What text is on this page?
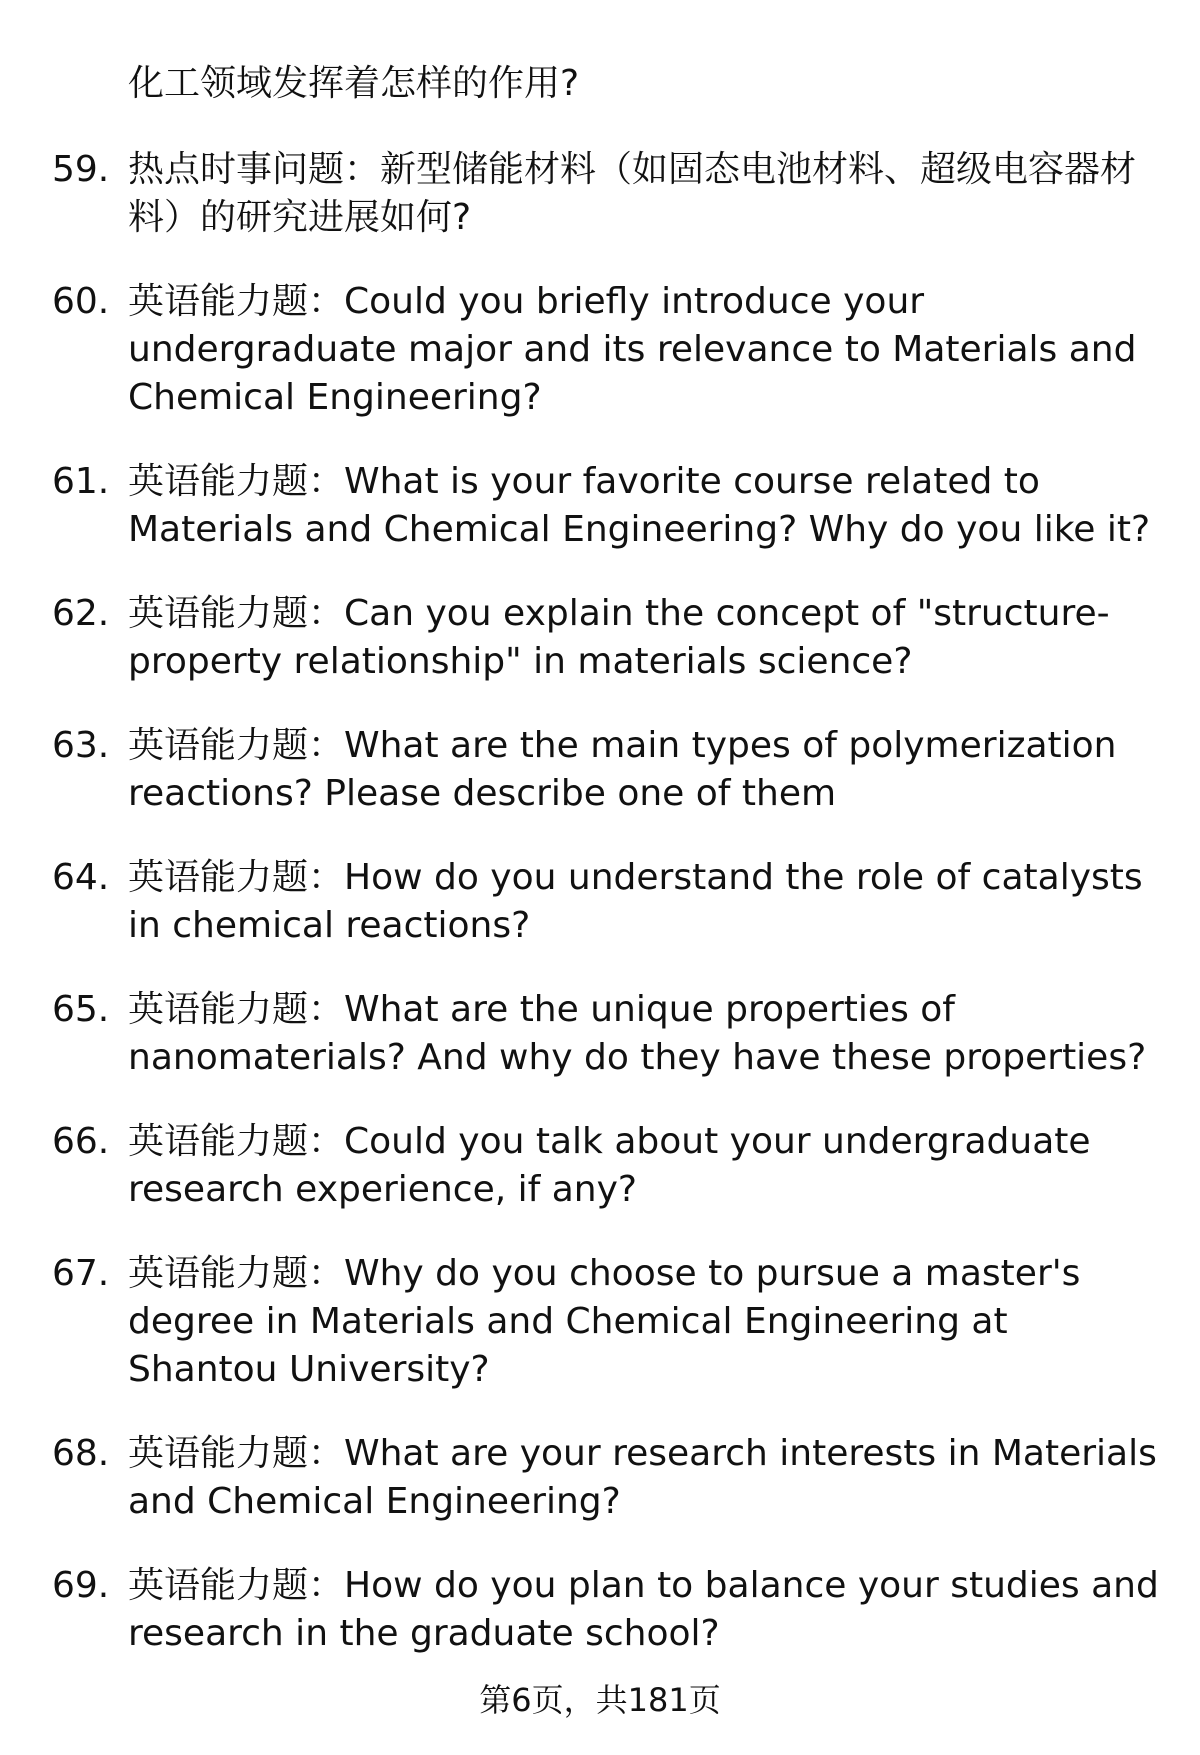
化工领域发挥着怎样的作用?
59. 热点时事问题：新型储能材料（如固态电池材料、超级电容器材料）的研究进展如何?
60. 英语能力题：Could you briefly introduce your undergraduate major and its relevance to Materials and Chemical Engineering?
61. 英语能力题：What is your favorite course related to Materials and Chemical Engineering? Why do you like it?
62. 英语能力题：Can you explain the concept of "structure-property relationship" in materials science?
63. 英语能力题：What are the main types of polymerization reactions? Please describe one of them
64. 英语能力题：How do you understand the role of catalysts in chemical reactions?
65. 英语能力题：What are the unique properties of nanomaterials? And why do they have these properties?
66. 英语能力题：Could you talk about your undergraduate research experience, if any?
67. 英语能力题：Why do you choose to pursue a master's degree in Materials and Chemical Engineering at Shantou University?
68. 英语能力题：What are your research interests in Materials and Chemical Engineering?
69. 英语能力题：How do you plan to balance your studies and research in the graduate school?
第6页，共181页
